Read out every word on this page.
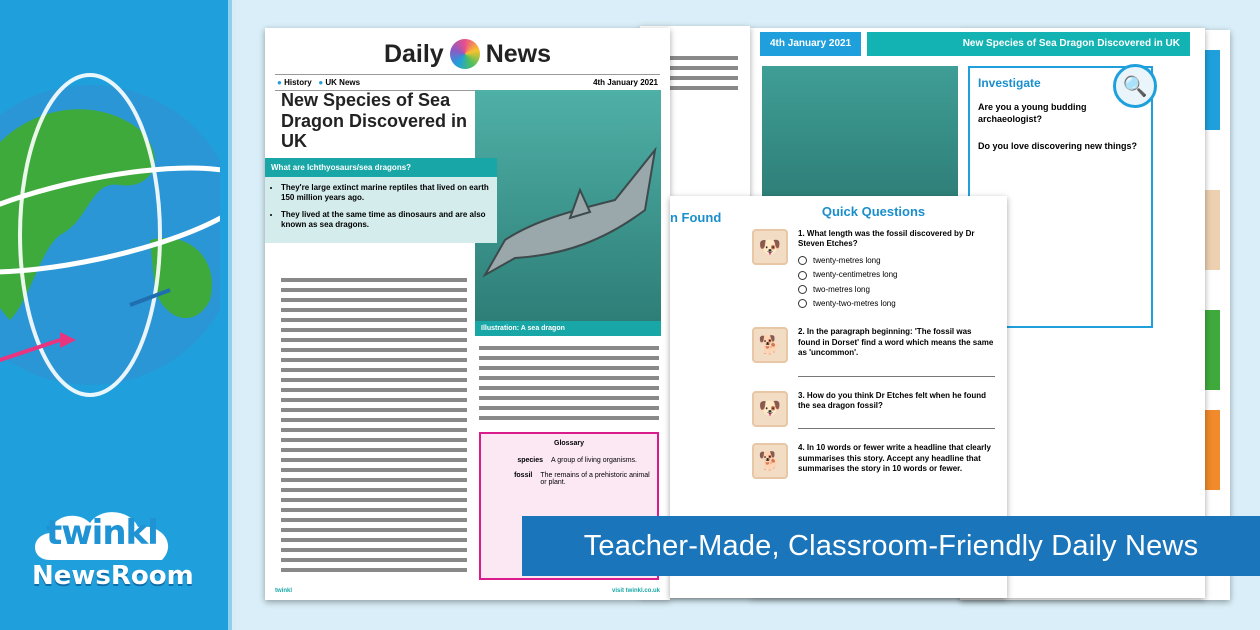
twinkl
NewsRoom
4th January 2021	New Species of Sea Dragon Discovered in UK
Investigate

Are you a young budding archaeologist?

Do you love discovering new things?

🔍
Daily News
● History ● UK News	4th January 2021
New Species of Sea Dragon Discovered in UK
Illustration: A sea dragon
What are Ichthyosaurs/sea dragons?
• They're large extinct marine reptiles that lived on earth 150 million years ago.
• They lived at the same time as dinosaurs and are also known as sea dragons.
Glossary
species A group of living organisms.
fossil The remains of a prehistoric animal or plant.
twinkl	visit twinkl.co.uk
n Found	Quick Questions
🐶
1. What length was the fossil discovered by Dr Steven Etches?
twenty-metres long
twenty-centimetres long
two-metres long
twenty-two-metres long
🐕
2. In the paragraph beginning: 'The fossil was found in Dorset' find a word which means the same as 'uncommon'.
🐶
3. How do you think Dr Etches felt when he found the sea dragon fossil?
🐕
4. In 10 words or fewer write a headline that clearly summarises this story. Accept any headline that summarises the story in 10 words or fewer.
Teacher-Made, Classroom-Friendly Daily News
